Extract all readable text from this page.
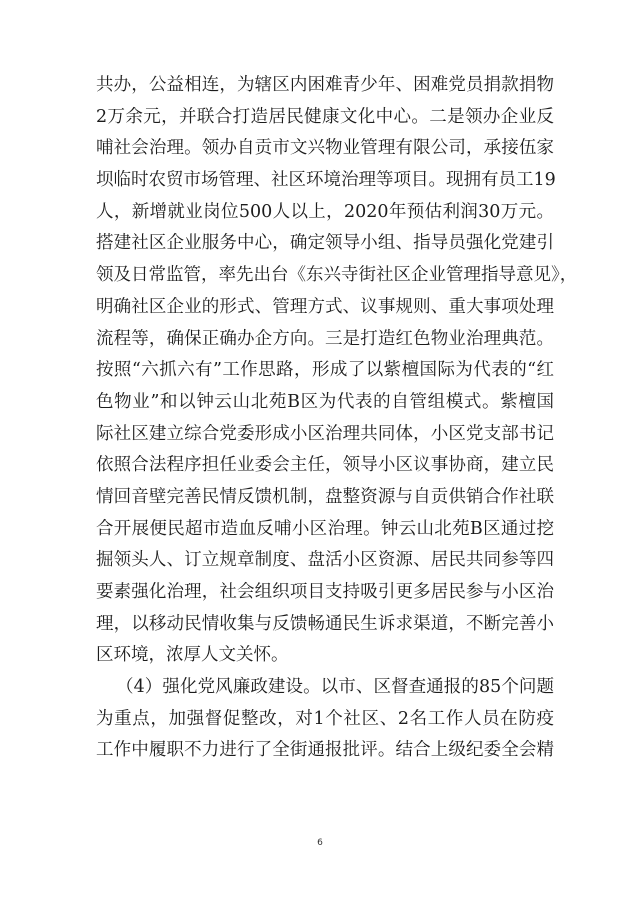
共办，公益相连，为辖区内困难青少年、困难党员捐款捐物
2万余元，并联合打造居民健康文化中心。二是领办企业反
哺社会治理。领办自贡市文兴物业管理有限公司，承接伍家
坝临时农贸市场管理、社区环境治理等项目。现拥有员工19
人，新增就业岗位500人以上，2020年预估利润30万元。
搭建社区企业服务中心，确定领导小组、指导员强化党建引
领及日常监管，率先出台《东兴寺街社区企业管理指导意见》，
明确社区企业的形式、管理方式、议事规则、重大事项处理
流程等，确保正确办企方向。三是打造红色物业治理典范。
按照“六抓六有”工作思路，形成了以紫檀国际为代表的“红
色物业”和以钟云山北苑B区为代表的自管组模式。紫檀国
际社区建立综合党委形成小区治理共同体，小区党支部书记
依照合法程序担任业委会主任，领导小区议事协商，建立民
情回音壁完善民情反馈机制，盘整资源与自贡供销合作社联
合开展便民超市造血反哺小区治理。钟云山北苑B区通过挖
掘领头人、订立规章制度、盘活小区资源、居民共同参等四
要素强化治理，社会组织项目支持吸引更多居民参与小区治
理，以移动民情收集与反馈畅通民生诉求渠道，不断完善小
区环境，浓厚人文关怀。
（4）强化党风廉政建设。以市、区督查通报的85个问题
为重点，加强督促整改，对1个社区、2名工作人员在防疫
工作中履职不力进行了全街通报批评。结合上级纪委全会精
6
